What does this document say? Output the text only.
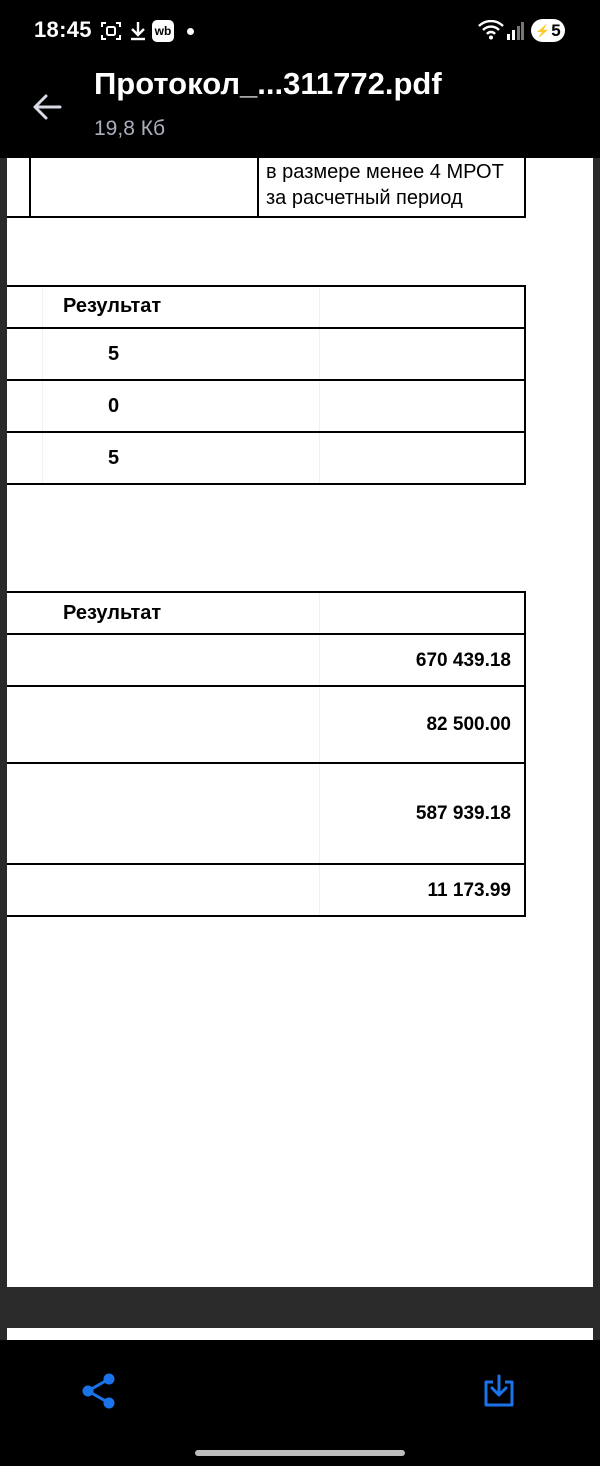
18:45	wb	⚡ 5
Протокол_...311772.pdf
19,8 Кб
в размере менее 4 МРОТ
за расчетный период
Результат
5
0
5
Результат
670 439.18
82 500.00
587 939.18
11 173.99
